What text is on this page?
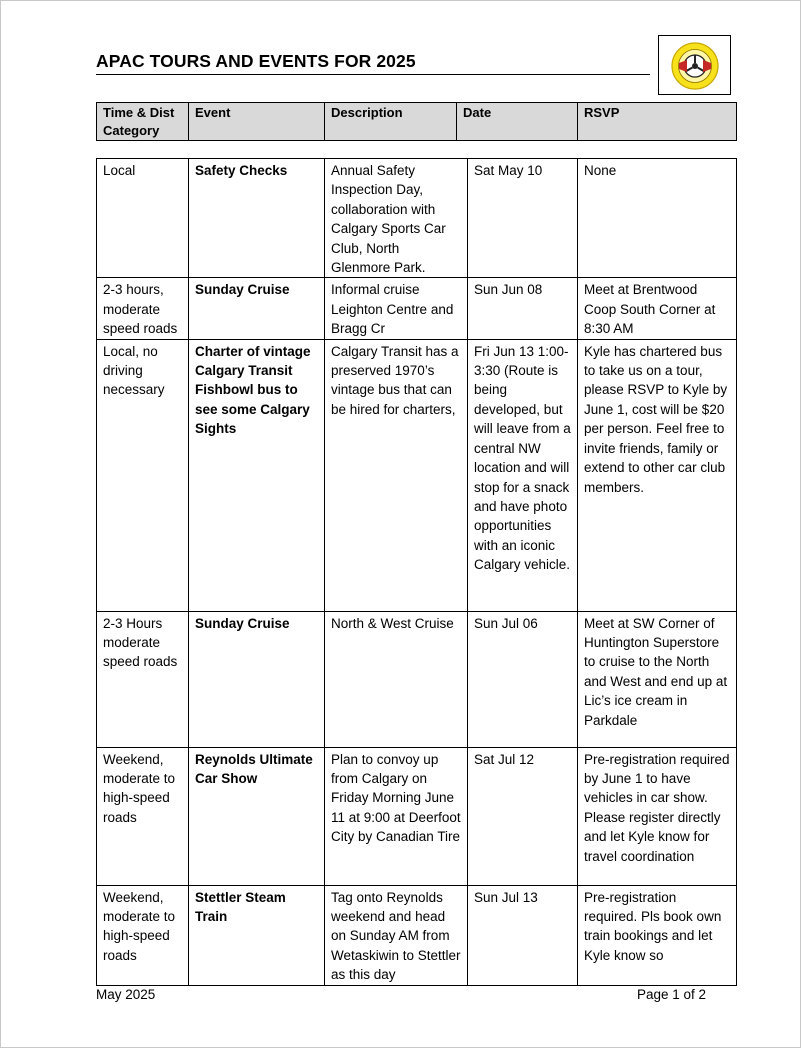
APAC TOURS AND EVENTS FOR 2025
Time & Dist Category	Event	Description	Date	RSVP
Local	Safety Checks	Annual Safety Inspection Day, collaboration with Calgary Sports Car Club, North Glenmore Park.	Sat May 10	None
2-3 hours, moderate speed roads	Sunday Cruise	Informal cruise Leighton Centre and Bragg Cr	Sun Jun 08	Meet at Brentwood Coop South Corner at 8:30 AM
Local, no driving necessary	Charter of vintage Calgary Transit Fishbowl bus to see some Calgary Sights	Calgary Transit has a preserved 1970’s vintage bus that can be hired for charters,	Fri Jun 13 1:00-3:30 (Route is being developed, but will leave from a central NW location and will stop for a snack and have photo opportunities with an iconic Calgary vehicle.	Kyle has chartered bus to take us on a tour, please RSVP to Kyle by June 1, cost will be $20 per person. Feel free to invite friends, family or extend to other car club members.
2-3 Hours moderate speed roads	Sunday Cruise	North & West Cruise	Sun Jul 06	Meet at SW Corner of Huntington Superstore to cruise to the North and West and end up at Lic’s ice cream in Parkdale
Weekend, moderate to high-speed roads	Reynolds Ultimate Car Show	Plan to convoy up from Calgary on Friday Morning June 11 at 9:00 at Deerfoot City by Canadian Tire	Sat Jul 12	Pre-registration required by June 1 to have vehicles in car show. Please register directly and let Kyle know for travel coordination
Weekend, moderate to high-speed roads	Stettler Steam Train	Tag onto Reynolds weekend and head on Sunday AM from Wetaskiwin to Stettler as this day	Sun Jul 13	Pre-registration required. Pls book own train bookings and let Kyle know so
May 2025	Page 1 of 2
